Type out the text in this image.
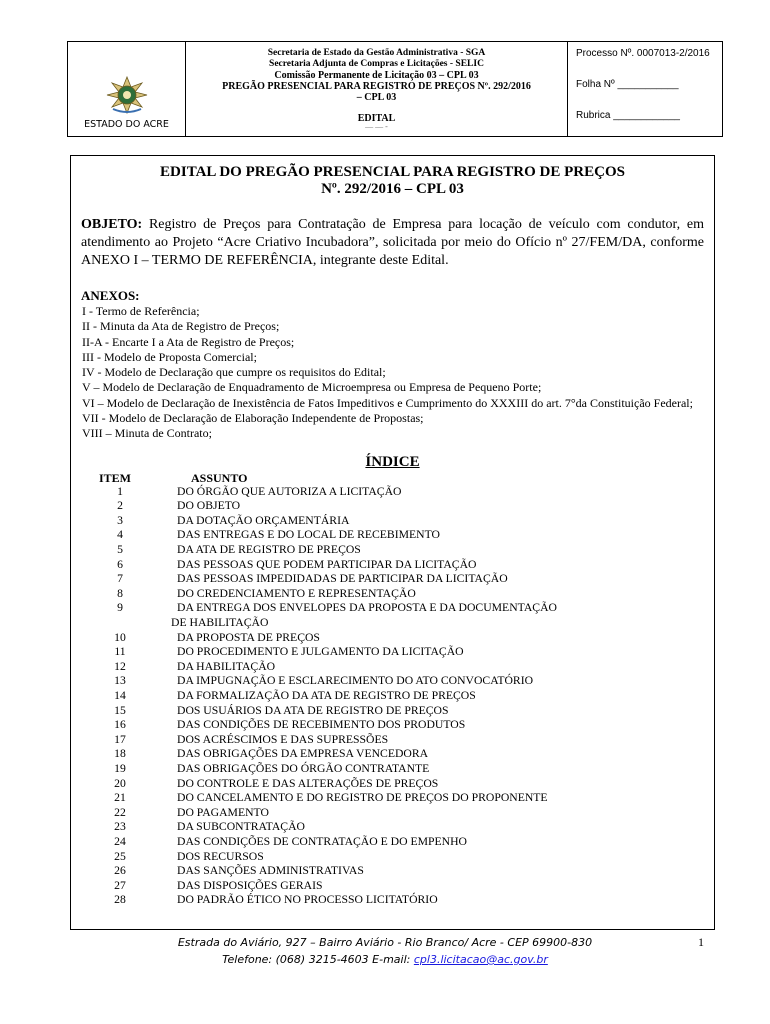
ESTADO DO ACRE
Secretaria de Estado da Gestão Administrativa - SGA
Secretaria Adjunta de Compras e Licitações - SELIC
Comissão Permanente de Licitação 03 – CPL 03
PREGÃO PRESENCIAL PARA REGISTRO DE PREÇOS Nº. 292/2016
– CPL 03
EDITAL
— — -
Processo Nº. 0007013-2/2016
Folha Nº ___________
Rubrica ____________
EDITAL DO PREGÃO PRESENCIAL PARA REGISTRO DE PREÇOS
Nº. 292/2016 – CPL 03
OBJETO: Registro de Preços para Contratação de Empresa para locação de veículo com condutor, em atendimento ao Projeto “Acre Criativo Incubadora”, solicitada por meio do Ofício nº 27/FEM/DA, conforme ANEXO I – TERMO DE REFERÊNCIA, integrante deste Edital.
ANEXOS:
I - Termo de Referência;
II - Minuta da Ata de Registro de Preços;
II-A - Encarte I a Ata de Registro de Preços;
III - Modelo de Proposta Comercial;
IV - Modelo de Declaração que cumpre os requisitos do Edital;
V – Modelo de Declaração de Enquadramento de Microempresa ou Empresa de Pequeno Porte;
VI – Modelo de Declaração de Inexistência de Fatos Impeditivos e Cumprimento do XXXIII do art. 7°da Constituição Federal;
VII - Modelo de Declaração de Elaboração Independente de Propostas;
VIII – Minuta de Contrato;
ÍNDICE
ITEM	ASSUNTO
1	DO ÓRGÃO QUE AUTORIZA A LICITAÇÃO
2	DO OBJETO
3	DA DOTAÇÃO ORÇAMENTÁRIA
4	DAS ENTREGAS E DO LOCAL DE RECEBIMENTO
5	DA ATA DE REGISTRO DE PREÇOS
6	DAS PESSOAS QUE PODEM PARTICIPAR DA LICITAÇÃO
7	DAS PESSOAS IMPEDIDADAS DE PARTICIPAR DA LICITAÇÃO
8	DO CREDENCIAMENTO E REPRESENTAÇÃO
9	DA ENTREGA DOS ENVELOPES DA PROPOSTA E DA DOCUMENTAÇÃO
DE HABILITAÇÃO
10	DA PROPOSTA DE PREÇOS
11	DO PROCEDIMENTO E JULGAMENTO DA LICITAÇÃO
12	DA HABILITAÇÃO
13	DA IMPUGNAÇÃO E ESCLARECIMENTO DO ATO CONVOCATÓRIO
14	DA FORMALIZAÇÃO DA ATA DE REGISTRO DE PREÇOS
15	DOS USUÁRIOS DA ATA DE REGISTRO DE PREÇOS
16	DAS CONDIÇÕES DE RECEBIMENTO DOS PRODUTOS
17	DOS ACRÉSCIMOS E DAS SUPRESSÕES
18	DAS OBRIGAÇÕES DA EMPRESA VENCEDORA
19	DAS OBRIGAÇÕES DO ÓRGÃO CONTRATANTE
20	DO CONTROLE E DAS ALTERAÇÕES DE PREÇOS
21	DO CANCELAMENTO E DO REGISTRO DE PREÇOS DO PROPONENTE
22	DO PAGAMENTO
23	DA SUBCONTRATAÇÃO
24	DAS CONDIÇÕES DE CONTRATAÇÃO E DO EMPENHO
25	DOS RECURSOS
26	DAS SANÇÕES ADMINISTRATIVAS
27	DAS DISPOSIÇÕES GERAIS
28	DO PADRÃO ÉTICO NO PROCESSO LICITATÓRIO
Estrada do Aviário, 927 – Bairro Aviário - Rio Branco/ Acre - CEP 69900-830
Telefone: (068) 3215-4603 E-mail: cpl3.licitacao@ac.gov.br
1
